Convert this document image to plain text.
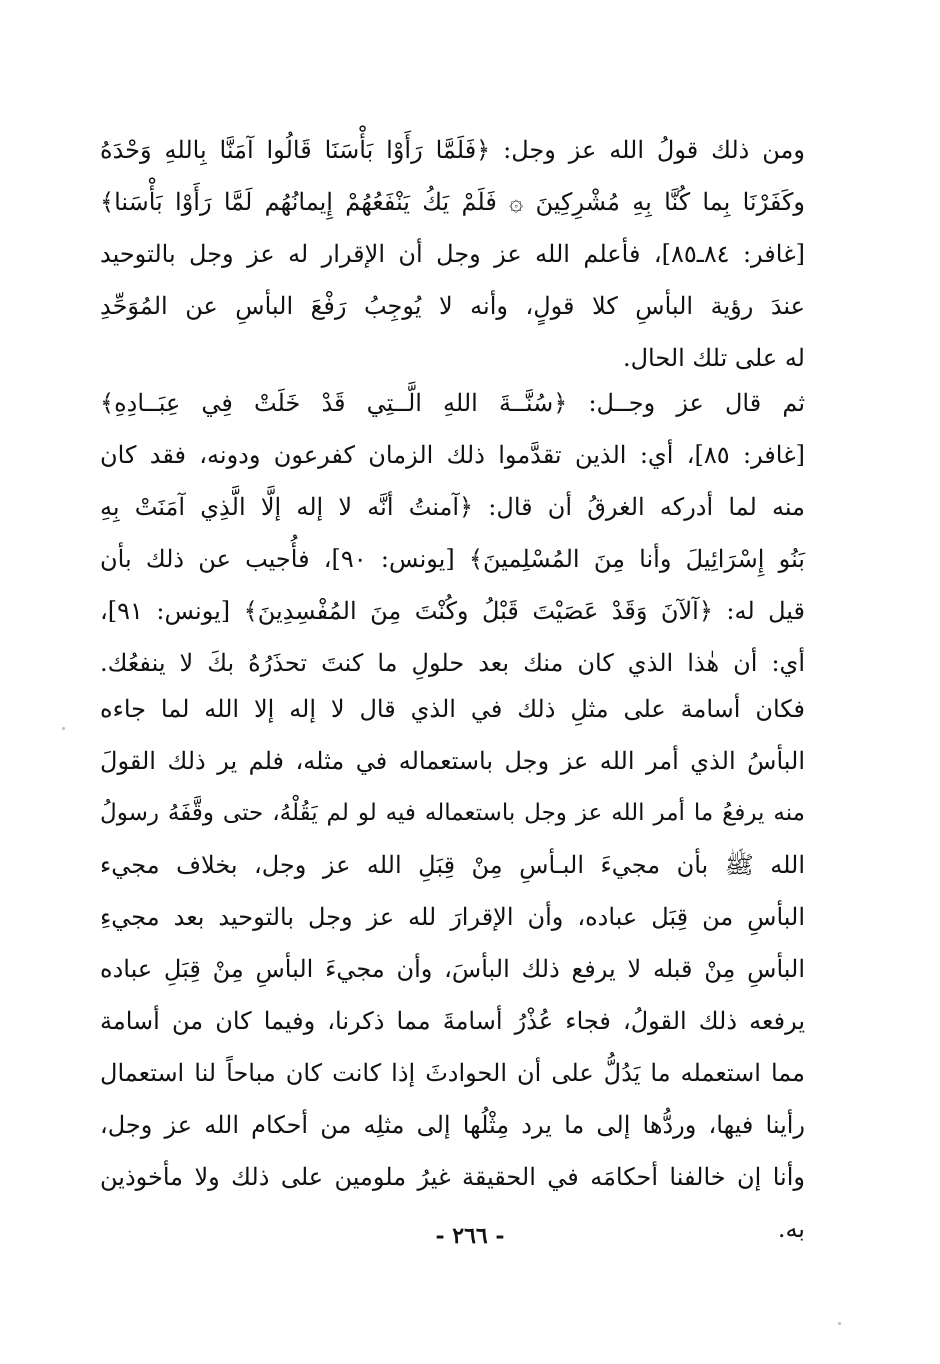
ومن ذلك قولُ الله عز وجل: ﴿فَلَمَّا رَأَوْا بَأْسَنَا قَالُوا آمَنَّا بِاللهِ وَحْدَهُ
وكَفَرْنَا بِما كُنَّا بِهِ مُشْرِكِينَ ۞ فَلَمْ يَكُ يَنْفَعُهُمْ إِيمانُهُم لَمَّا رَأَوْا بَأْسَنا﴾
[غافر: ٨٤ـ٨٥]، فأعلم الله عز وجل أن الإقرار له عز وجل بالتوحيد
عندَ رؤية البأسِ كلا قولٍ، وأنه لا يُوجِبُ رَفْعَ البأسِ عن المُوَحِّدِ
له على تلك الحال.
ثم قال عز وجــل: ﴿سُنَّــةَ اللهِ الَّــتِي قَدْ خَلَتْ فِي عِبَــادِهِ﴾
[غافر: ٨٥]، أي: الذين تقدَّموا ذلك الزمان كفرعون ودونه، فقد كان
منه لما أدركه الغرقُ أن قال: ﴿آمنتُ أنَّه لا إله إلَّا الَّذِي آمَنَتْ بِهِ
بَنُو إِسْرَائِيلَ وأنا مِنَ المُسْلِمينَ﴾ [يونس: ٩٠]، فأُجيب عن ذلك بأن
قيل له: ﴿آلآنَ وَقَدْ عَصَيْتَ قَبْلُ وكُنْتَ مِنَ المُفْسِدِينَ﴾ [يونس: ٩١]،
أي: أن هٰذا الذي كان منك بعد حلولِ ما كنتَ تحذَرُهُ بكَ لا ينفعُك.
فكان أسامة على مثلِ ذلك في الذي قال لا إله إلا الله لما جاءه
البأسُ الذي أمر الله عز وجل باستعماله في مثله، فلم ير ذلك القولَ
منه يرفعُ ما أمر الله عز وجل باستعماله فيه لو لم يَقُلْهُ، حتى وقَّفَهُ رسولُ
الله ﷺ بأن مجيءَ البـأسِ مِنْ قِبَلِ الله عز وجل، بخلاف مجيء
البأسِ من قِبَل عباده، وأن الإقرارَ لله عز وجل بالتوحيد بعد مجيءِ
البأسِ مِنْ قبله لا يرفع ذلك البأسَ، وأن مجيءَ البأسِ مِنْ قِبَلِ عباده
يرفعه ذلك القولُ، فجاء عُذْرُ أسامةَ مما ذكرنا، وفيما كان من أسامة
مما استعمله ما يَدُلُّ على أن الحوادثَ إذا كانت كان مباحاً لنا استعمال
رأينا فيها، وردُّها إلى ما يرد مِثْلُها إلى مثلِه من أحكام الله عز وجل،
وأنا إن خالفنا أحكامَه في الحقيقة غيرُ ملومين على ذلك ولا مأخوذين
به.
- ٢٦٦ -
